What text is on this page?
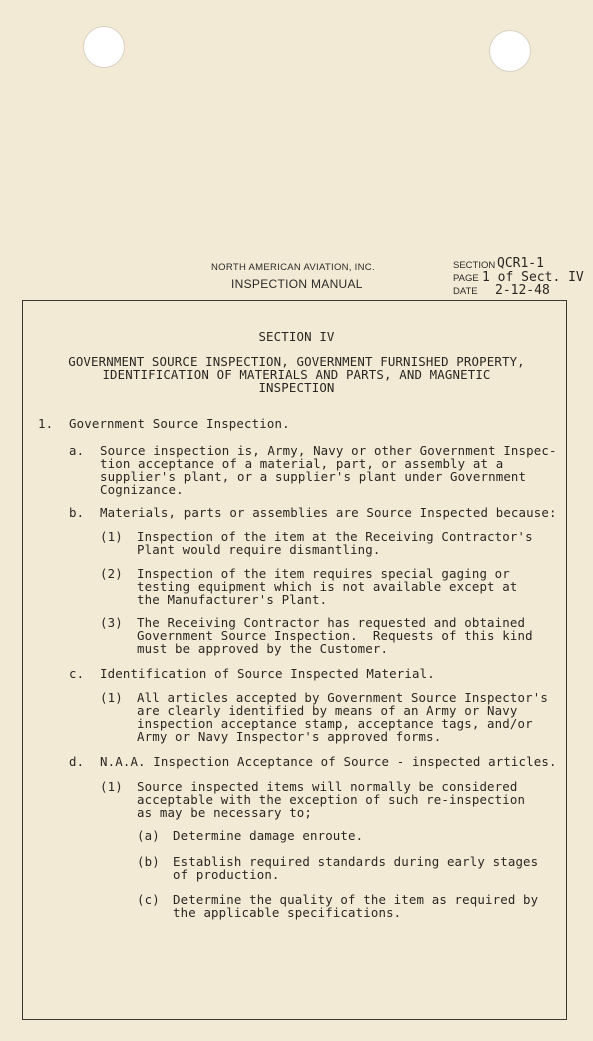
NORTH AMERICAN AVIATION, INC.
INSPECTION MANUAL
SECTION QCR1-1
PAGE 1 of Sect. IV
DATE 2-12-48
SECTION IV
GOVERNMENT SOURCE INSPECTION, GOVERNMENT FURNISHED PROPERTY,
IDENTIFICATION OF MATERIALS AND PARTS, AND MAGNETIC
INSPECTION
1. Government Source Inspection.
a. Source inspection is, Army, Navy or other Government Inspec-
tion acceptance of a material, part, or assembly at a
supplier's plant, or a supplier's plant under Government
Cognizance.
b. Materials, parts or assemblies are Source Inspected because:
(1) Inspection of the item at the Receiving Contractor's
Plant would require dismantling.
(2) Inspection of the item requires special gaging or
testing equipment which is not available except at
the Manufacturer's Plant.
(3) The Receiving Contractor has requested and obtained
Government Source Inspection.  Requests of this kind
must be approved by the Customer.
c. Identification of Source Inspected Material.
(1) All articles accepted by Government Source Inspector's
are clearly identified by means of an Army or Navy
inspection acceptance stamp, acceptance tags, and/or
Army or Navy Inspector's approved forms.
d. N.A.A. Inspection Acceptance of Source - inspected articles.
(1) Source inspected items will normally be considered
acceptable with the exception of such re-inspection
as may be necessary to;
(a) Determine damage enroute.
(b) Establish required standards during early stages
of production.
(c) Determine the quality of the item as required by
the applicable specifications.
